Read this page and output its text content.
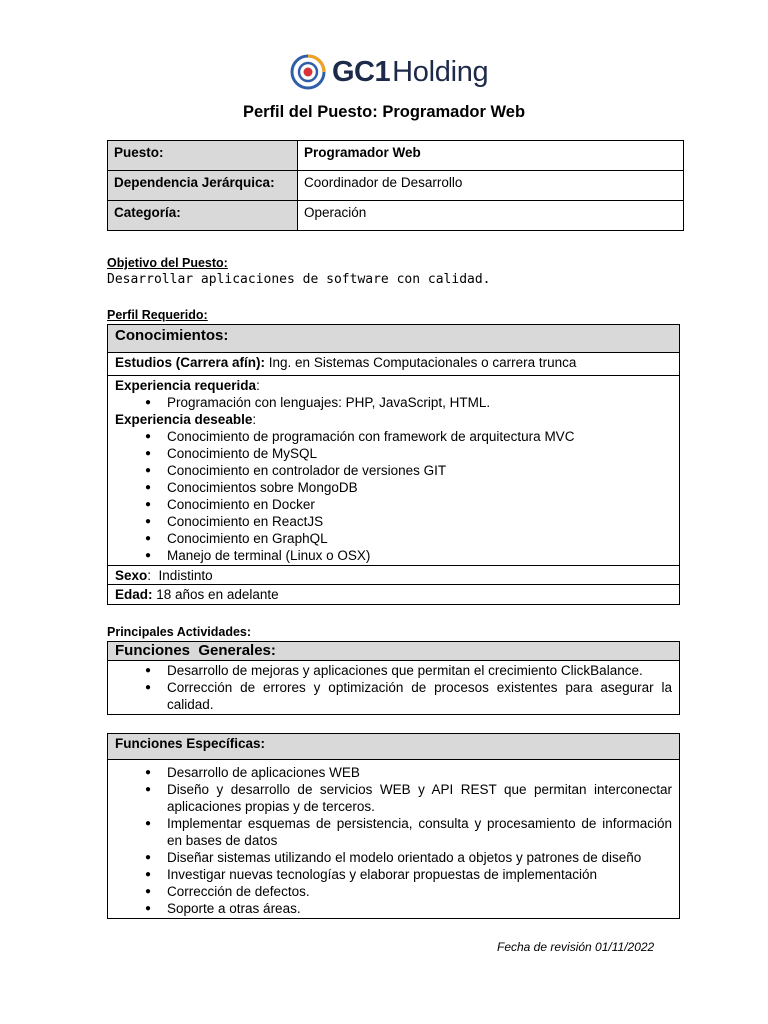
GC1 Holding
Perfil del Puesto: Programador Web
Puesto:	Programador Web
Dependencia Jerárquica:	Coordinador de Desarrollo
Categoría:	Operación
Objetivo del Puesto:
Desarrollar aplicaciones de software con calidad.
Perfil Requerido:
Conocimientos:
Estudios (Carrera afín): Ing. en Sistemas Computacionales o carrera trunca
Experiencia requerida:
● Programación con lenguajes: PHP, JavaScript, HTML.
Experiencia deseable:
● Conocimiento de programación con framework de arquitectura MVC
● Conocimiento de MySQL
● Conocimiento en controlador de versiones GIT
● Conocimientos sobre MongoDB
● Conocimiento en Docker
● Conocimiento en ReactJS
● Conocimiento en GraphQL
● Manejo de terminal (Linux o OSX)
Sexo:  Indistinto
Edad: 18 años en adelante
Principales Actividades:
Funciones  Generales:
● Desarrollo de mejoras y aplicaciones que permitan el crecimiento ClickBalance.
● Corrección de errores y optimización de procesos existentes para asegurar la calidad.
Funciones Específicas:
● Desarrollo de aplicaciones WEB
● Diseño y desarrollo de servicios WEB y API REST que permitan interconectar aplicaciones propias y de terceros.
● Implementar esquemas de persistencia, consulta y procesamiento de información en bases de datos
● Diseñar sistemas utilizando el modelo orientado a objetos y patrones de diseño
● Investigar nuevas tecnologías y elaborar propuestas de implementación
● Corrección de defectos.
● Soporte a otras áreas.
Fecha de revisión 01/11/2022
